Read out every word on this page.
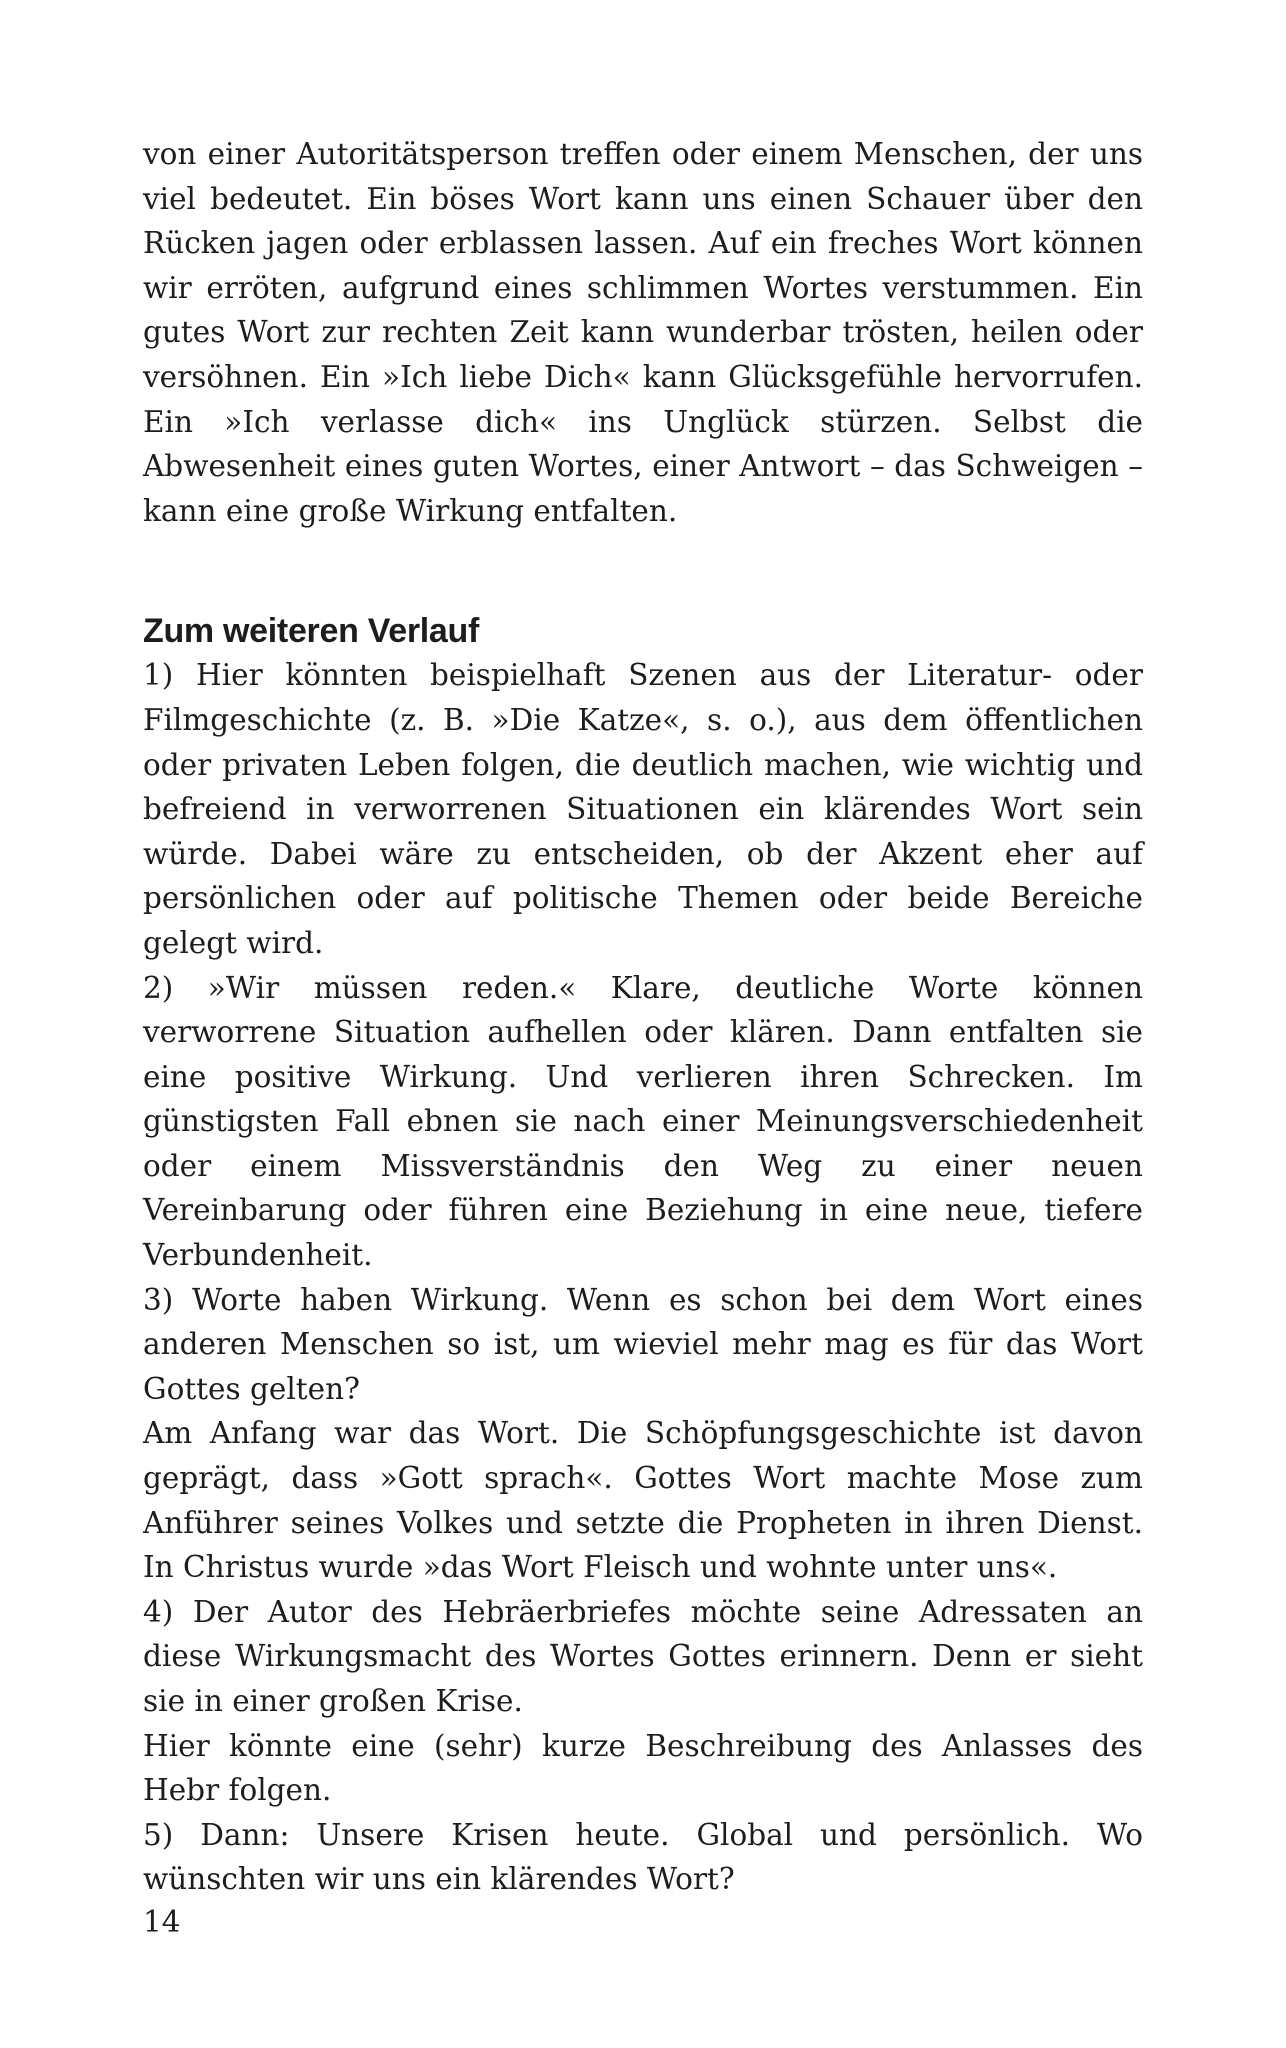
von einer Autoritätsperson treffen oder einem Menschen, der uns viel bedeutet. Ein böses Wort kann uns einen Schauer über den Rücken jagen oder erblassen lassen. Auf ein freches Wort können wir erröten, aufgrund eines schlimmen Wortes verstummen. Ein gutes Wort zur rechten Zeit kann wunderbar trösten, heilen oder versöhnen. Ein »Ich liebe Dich« kann Glücksgefühle hervorrufen. Ein »Ich verlasse dich« ins Unglück stürzen. Selbst die Abwesenheit eines guten Wortes, einer Antwort – das Schweigen – kann eine große Wirkung entfalten.

Zum weiteren Verlauf

1) Hier könnten beispielhaft Szenen aus der Literatur- oder Filmgeschichte (z. B. »Die Katze«, s. o.), aus dem öffentlichen oder privaten Leben folgen, die deutlich machen, wie wichtig und befreiend in verworrenen Situationen ein klärendes Wort sein würde. Dabei wäre zu entscheiden, ob der Akzent eher auf persönlichen oder auf politische Themen oder beide Bereiche gelegt wird.

2) »Wir müssen reden.« Klare, deutliche Worte können verworrene Situation aufhellen oder klären. Dann entfalten sie eine positive Wirkung. Und verlieren ihren Schrecken. Im günstigsten Fall ebnen sie nach einer Meinungsverschiedenheit oder einem Missverständnis den Weg zu einer neuen Vereinbarung oder führen eine Beziehung in eine neue, tiefere Verbundenheit.

3) Worte haben Wirkung. Wenn es schon bei dem Wort eines anderen Menschen so ist, um wieviel mehr mag es für das Wort Gottes gelten?

Am Anfang war das Wort. Die Schöpfungsgeschichte ist davon geprägt, dass »Gott sprach«. Gottes Wort machte Mose zum Anführer seines Volkes und setzte die Propheten in ihren Dienst. In Christus wurde »das Wort Fleisch und wohnte unter uns«.

4) Der Autor des Hebräerbriefes möchte seine Adressaten an diese Wirkungsmacht des Wortes Gottes erinnern. Denn er sieht sie in einer großen Krise.

Hier könnte eine (sehr) kurze Beschreibung des Anlasses des Hebr folgen.

5) Dann: Unsere Krisen heute. Global und persönlich. Wo wünschten wir uns ein klärendes Wort?

14
